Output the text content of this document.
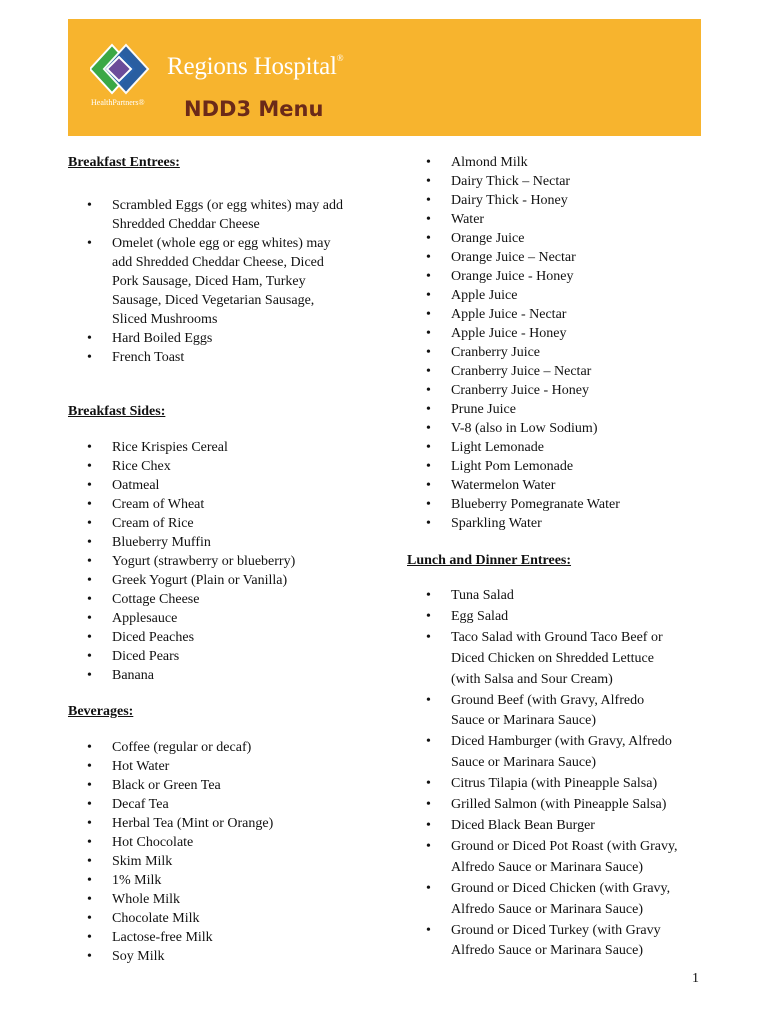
Regions Hospital®
HealthPartners® NDD3 Menu

Breakfast Entrees:

• Scrambled Eggs (or egg whites) may add
Shredded Cheddar Cheese
• Omelet (whole egg or egg whites) may
add Shredded Cheddar Cheese, Diced
Pork Sausage, Diced Ham, Turkey
Sausage, Diced Vegetarian Sausage,
Sliced Mushrooms
• Hard Boiled Eggs
• French Toast

Breakfast Sides:

• Rice Krispies Cereal
• Rice Chex
• Oatmeal
• Cream of Wheat
• Cream of Rice
• Blueberry Muffin
• Yogurt (strawberry or blueberry)
• Greek Yogurt (Plain or Vanilla)
• Cottage Cheese
• Applesauce
• Diced Peaches
• Diced Pears
• Banana

Beverages:

• Coffee (regular or decaf)
• Hot Water
• Black or Green Tea
• Decaf Tea
• Herbal Tea (Mint or Orange)
• Hot Chocolate
• Skim Milk
• 1% Milk
• Whole Milk
• Chocolate Milk
• Lactose-free Milk
• Soy Milk
• Almond Milk
• Dairy Thick – Nectar
• Dairy Thick - Honey
• Water
• Orange Juice
• Orange Juice – Nectar
• Orange Juice - Honey
• Apple Juice
• Apple Juice - Nectar
• Apple Juice - Honey
• Cranberry Juice
• Cranberry Juice – Nectar
• Cranberry Juice - Honey
• Prune Juice
• V-8 (also in Low Sodium)
• Light Lemonade
• Light Pom Lemonade
• Watermelon Water
• Blueberry Pomegranate Water
• Sparkling Water

Lunch and Dinner Entrees:

• Tuna Salad
• Egg Salad
• Taco Salad with Ground Taco Beef or
Diced Chicken on Shredded Lettuce
(with Salsa and Sour Cream)
• Ground Beef (with Gravy, Alfredo
Sauce or Marinara Sauce)
• Diced Hamburger (with Gravy, Alfredo
Sauce or Marinara Sauce)
• Citrus Tilapia (with Pineapple Salsa)
• Grilled Salmon (with Pineapple Salsa)
• Diced Black Bean Burger
• Ground or Diced Pot Roast (with Gravy,
Alfredo Sauce or Marinara Sauce)
• Ground or Diced Chicken (with Gravy,
Alfredo Sauce or Marinara Sauce)
• Ground or Diced Turkey (with Gravy
Alfredo Sauce or Marinara Sauce)
1
